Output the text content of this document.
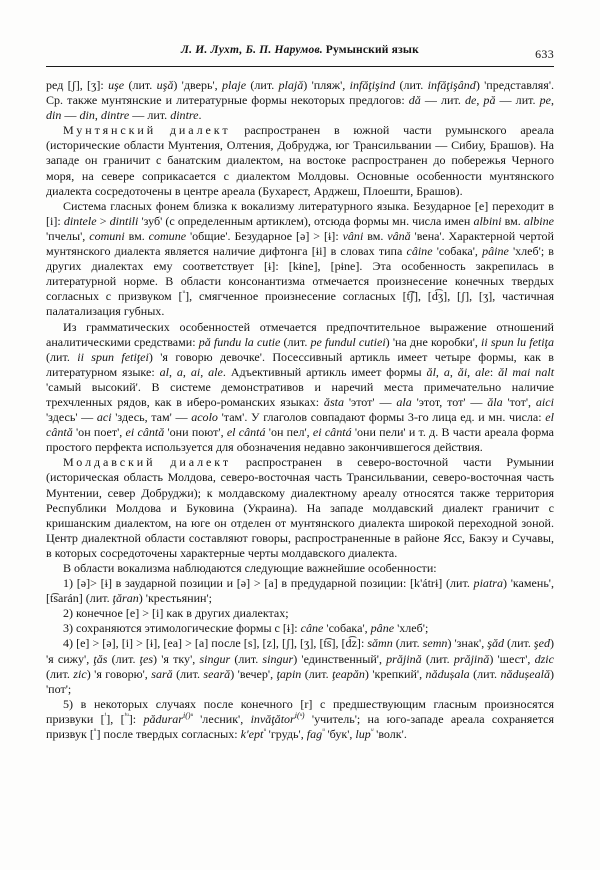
Л. И. Лухт, Б. П. Нарумов.
Румынский язык	633

ред [ʃ], [ʒ]: uşe (лит. uşă) 'дверь', plaje (лит. plajă) 'пляж', infăţişind (лит. infăţişând) 'представляя'. Ср. также мунтянские и литературные формы некоторых предлогов: dă — лит. de, pă — лит. pe, din — din, dintre — лит. dintre.

Мунтянский диалект распространен в южной части румынского ареала (исторические области Мунтения, Олтения, Добруджа, юг Трансильвании — Сибиу, Брашов). На западе он граничит с банатским диалектом, на востоке распространен до побережья Черного моря, на севере соприкасается с диалектом Молдовы. Основные особенности мунтянского диалекта сосредоточены в центре ареала (Бухарест, Арджеш, Плоешти, Брашов).

Система гласных фонем близка к вокализму литературного языка. Безударное [e] переходит в [i]: dintele > dintili 'зуб' (с определенным артиклем), отсюда формы мн. числа имен albini вм. albine 'пчелы', comuni вм. comune 'общие'. Безударное [ə] > [ɨ]: vâni вм. vână 'вена'. Характерной чертой мунтянского диалекта является наличие дифтонга [ɨi] в словах типа câine 'собака', pâine 'хлеб'; в других диалектах ему соответствует [ɨ]: [kɨne], [pɨne]. Эта особенность закрепилась в литературной норме. В области консонантизма отмечается произнесение конечных твердых согласных с призвуком [$^ᵘ$], смягченное произнесение согласных [t͡ʃ], [d͡ʒ], [ʃ], [ʒ], частичная палатализация губных.

Из грамматических особенностей отмечается предпочтительное выражение отношений аналитическими средствами: pă fundu la cutie (лит. pe fundul cutiei) 'на дне коробки', ii spun lu fetiţa (лит. ii spun fetiţei) 'я говорю девочке'. Посессивный артикль имеет четыре формы, как в литературном языке: al, a, ai, ale. Адъективный артикль имеет формы ăl, a, ăi, ale: ăl mai nalt 'самый высокий'. В системе демонстративов и наречий места примечательно наличие трехчленных рядов, как в иберо-романских языках: ăsta 'этот' — ala 'этот, тот' — ăla 'тот', aici 'здесь' — aci 'здесь, там' — acolo 'там'. У глаголов совпадают формы 3-го лица ед. и мн. числа: el cântă 'он поет', ei cântă 'они поют', el cântá 'он пел', ei cântá 'они пели' и т. д. В части ареала форма простого перфекта используется для обозначения недавно закончившегося действия.

Молдавский диалект распространен в северо-восточной части Румынии (историческая область Молдова, северо-восточная часть Трансильвании, северо-восточная часть Мунтении, север Добруджи); к молдавскому диалектному ареалу относятся также территория Республики Молдова и Буковина (Украина). На западе молдавский диалект граничит с кришанским диалектом, на юге он отделен от мунтянского диалекта широкой переходной зоной. Центр диалектной области составляют говоры, распространенные в районе Ясс, Бакэу и Сучавы, в которых сосредоточены характерные черты молдавского диалекта.

В области вокализма наблюдаются следующие важнейшие особенности:

1) [ə]> [ɨ] в заударной позиции и [ə] > [a] в предударной позиции: [k'átrɨ] (лит. piatra) 'камень', [t͡sarán] (лит. ţăran) 'крестьянин';

2) конечное [e] > [i] как в других диалектах;

3) сохраняются этимологические формы с [ɨ]: câne 'собака', pâne 'хлеб';

4) [e] > [ə], [i] > [ɨ], [ea] > [a] после [s], [z], [ʃ], [ʒ], [t͡s], [d͡z]: sămn (лит. semn) 'знак', şăd (лит. şed) 'я сижу', ţăs (лит. ţes) 'я тку', singur (лит. singur) 'единственный', prăjină (лит. prăjină) 'шест', dzic (лит. zic) 'я говорю', sară (лит. seară) 'вечер', ţapin (лит. ţeapăn) 'крепкий', nădușala (лит. nădușeală) 'пот';

5) в некоторых случаях после конечного [r] с предшествующим гласным произносятся призвуки [$^{^i}$], [$^{^iᵘ}$]: pădurar$^{i()ᵘ}$ 'лесник', invăţător$^{i(ᵘ)}$ 'учитель'; на юго-западе ареала сохраняется призвук [$^ᵘ$] после твердых согласных: k'ept$^ᵘ$ 'грудь', fag$^ᵘ$ 'бук', lup$^ᵘ$ 'волк'.
